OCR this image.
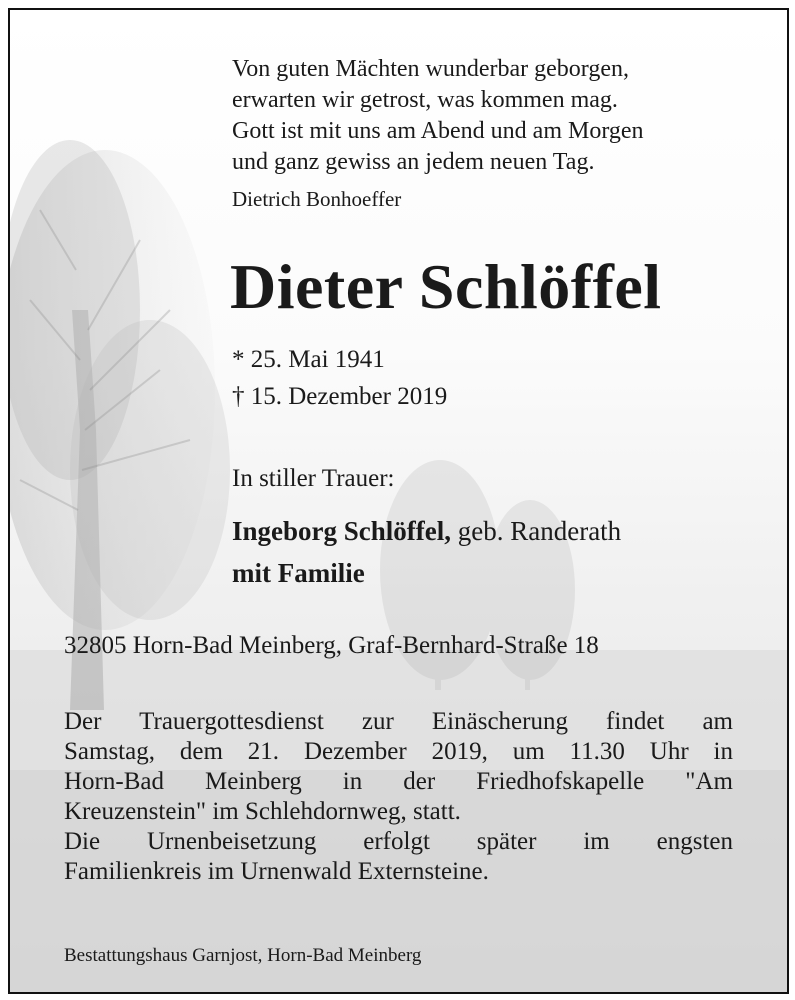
Von guten Mächten wunderbar geborgen,
erwarten wir getrost, was kommen mag.
Gott ist mit uns am Abend und am Morgen
und ganz gewiss an jedem neuen Tag.
Dietrich Bonhoeffer
Dieter Schlöffel
* 25. Mai 1941
† 15. Dezember 2019
In stiller Trauer:
Ingeborg Schlöffel, geb. Randerath
mit Familie
32805 Horn-Bad Meinberg, Graf-Bernhard-Straße 18
Der Trauergottesdienst zur Einäscherung findet am
Samstag, dem 21. Dezember 2019, um 11.30 Uhr in
Horn-Bad Meinberg in der Friedhofskapelle "Am
Kreuzenstein" im Schlehdornweg, statt.
Die Urnenbeisetzung erfolgt später im engsten
Familienkreis im Urnenwald Externsteine.
Bestattungshaus Garnjost, Horn-Bad Meinberg
